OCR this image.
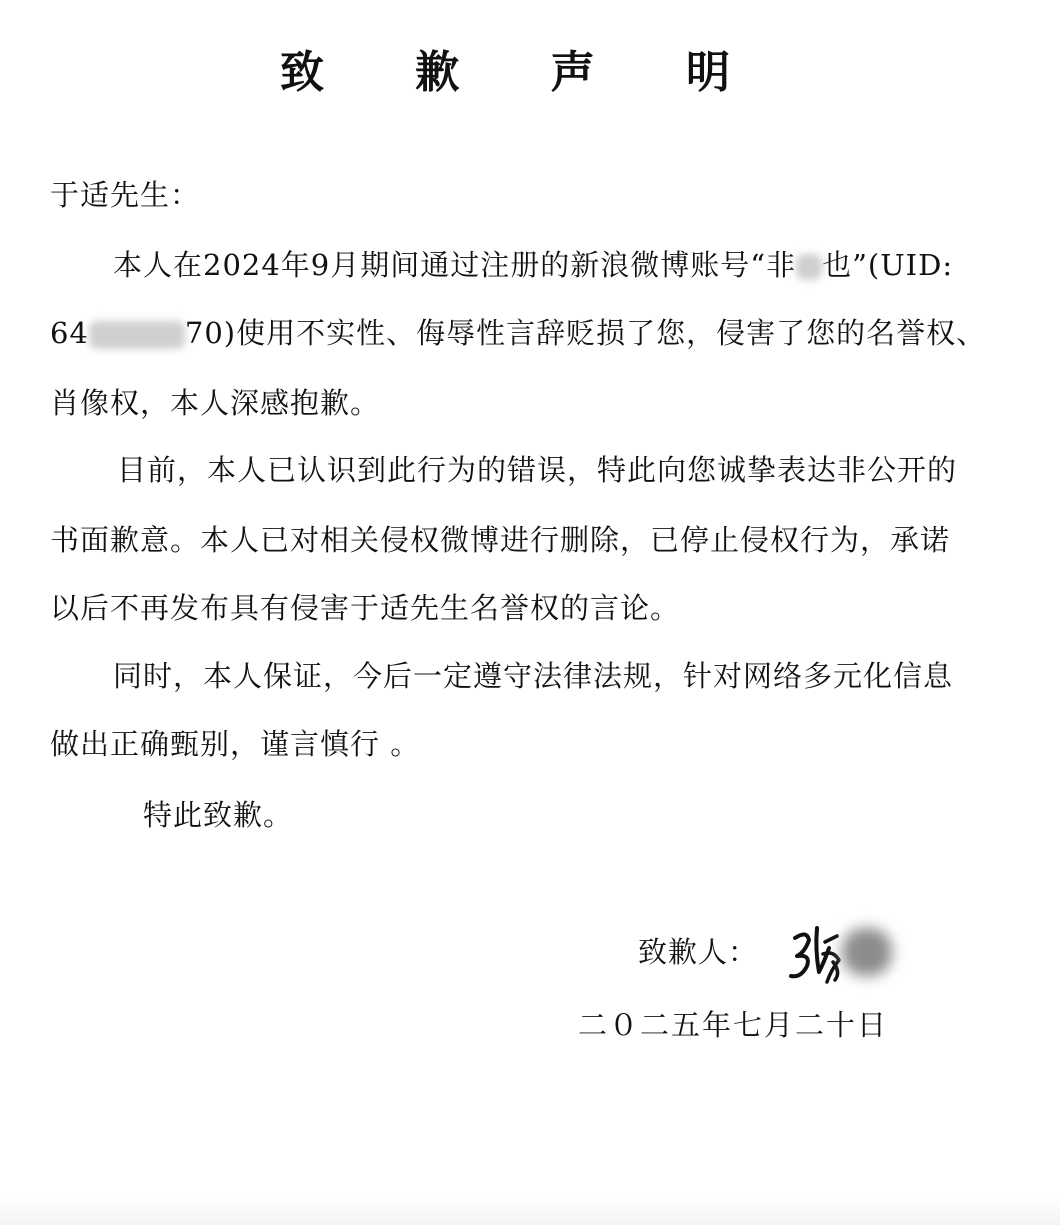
致 歉 声 明
于适先生：
本人在2024年9月期间通过注册的新浪微博账号“非 也”(UID:
64	70)使用不实性、侮辱性言辞贬损了您，侵害了您的名誉权、
肖像权，本人深感抱歉。
目前，本人已认识到此行为的错误，特此向您诚挚表达非公开的
书面歉意。本人已对相关侵权微博进行删除，已停止侵权行为，承诺
以后不再发布具有侵害于适先生名誉权的言论。
同时，本人保证，今后一定遵守法律法规，针对网络多元化信息
做出正确甄别，谨言慎行 。
特此致歉。
致歉人：
二０二五年七月二十日
